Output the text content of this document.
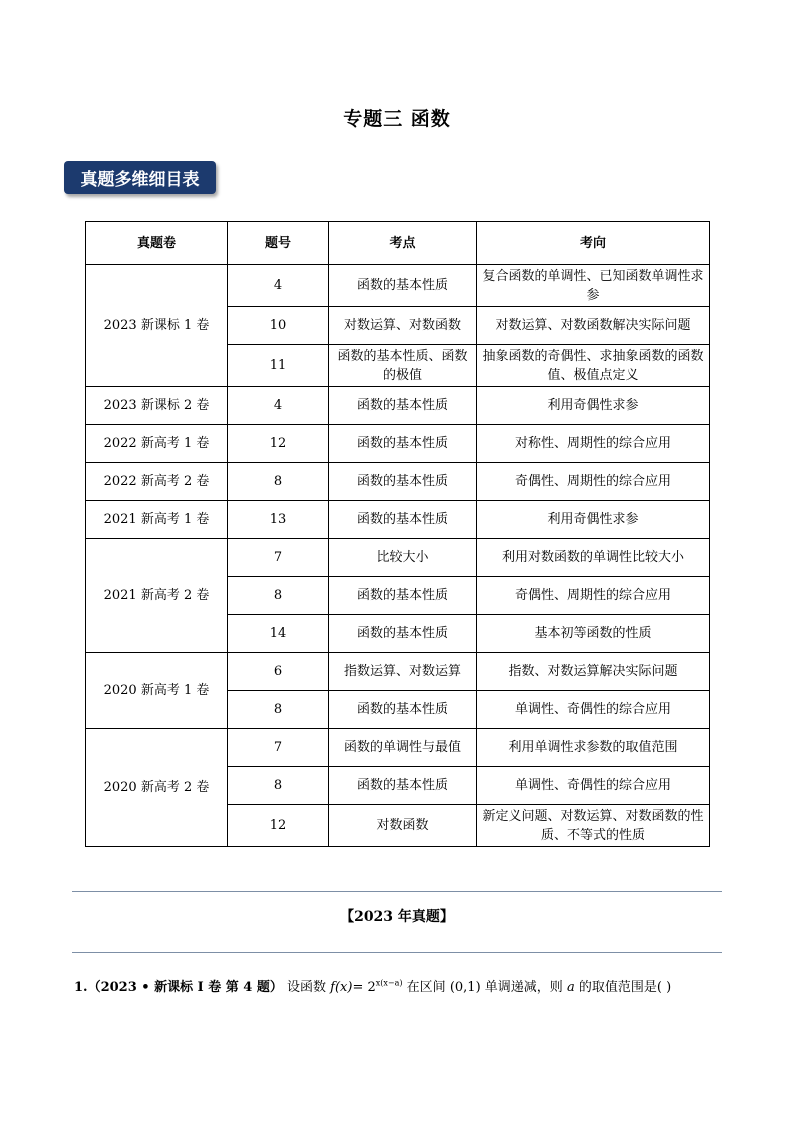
专题三 函数
真题多维细目表
真题卷	题号	考点	考向
2023 新课标 1 卷	4	函数的基本性质	复合函数的单调性、已知函数单调性求参
	10	对数运算、对数函数	对数运算、对数函数解决实际问题
	11	函数的基本性质、函数的极值	抽象函数的奇偶性、求抽象函数的函数值、极值点定义
2023 新课标 2 卷	4	函数的基本性质	利用奇偶性求参
2022 新高考 1 卷	12	函数的基本性质	对称性、周期性的综合应用
2022 新高考 2 卷	8	函数的基本性质	奇偶性、周期性的综合应用
2021 新高考 1 卷	13	函数的基本性质	利用奇偶性求参
2021 新高考 2 卷	7	比较大小	利用对数函数的单调性比较大小
	8	函数的基本性质	奇偶性、周期性的综合应用
	14	函数的基本性质	基本初等函数的性质
2020 新高考 1 卷	6	指数运算、对数运算	指数、对数运算解决实际问题
	8	函数的基本性质	单调性、奇偶性的综合应用
2020 新高考 2 卷	7	函数的单调性与最值	利用单调性求参数的取值范围
	8	函数的基本性质	单调性、奇偶性的综合应用
	12	对数函数	新定义问题、对数运算、对数函数的性质、不等式的性质
【2023 年真题】
1.（2023 • 新课标 I 卷 第 4 题） 设函数 $f(x)= 2^{x(x-a)}$ 在区间 (0,1) 单调递减，则 a 的取值范围是( )
